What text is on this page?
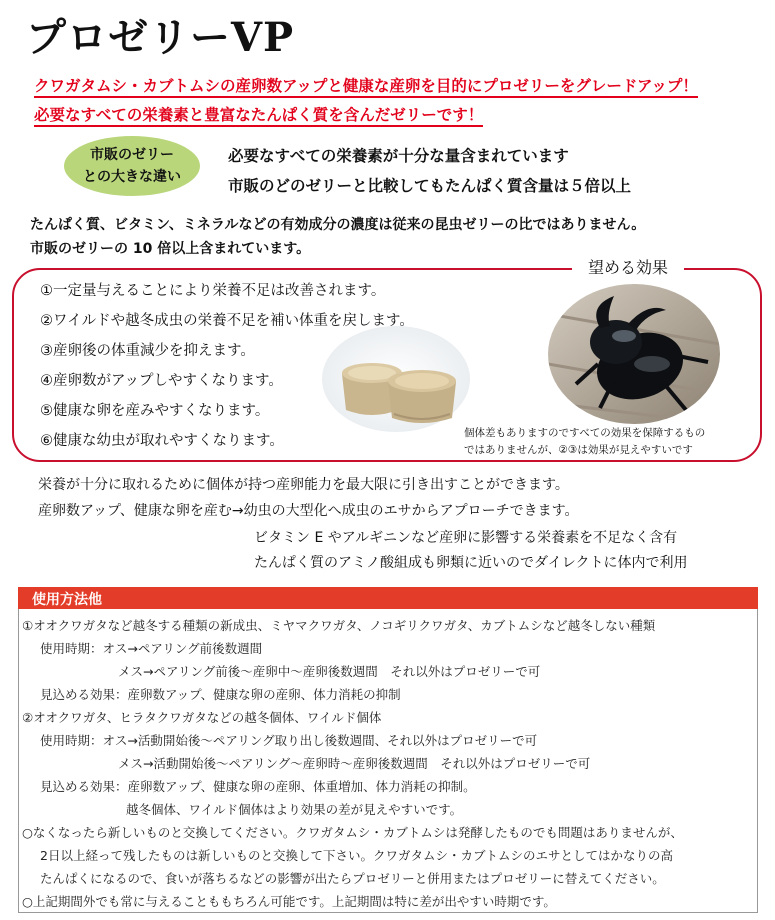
プロゼリーVP
クワガタムシ・カブトムシの産卵数アップと健康な産卵を目的にプロゼリーをグレードアップ！
必要なすべての栄養素と豊富なたんぱく質を含んだゼリーです！
市販のゼリー
との大きな違い
必要なすべての栄養素が十分な量含まれています
市販のどのゼリーと比較してもたんぱく質含量は５倍以上
たんぱく質、ビタミン、ミネラルなどの有効成分の濃度は従来の昆虫ゼリーの比ではありません。
市販のゼリーの 10 倍以上含まれています。
望める効果
①一定量与えることにより栄養不足は改善されます。
②ワイルドや越冬成虫の栄養不足を補い体重を戻します。
③産卵後の体重減少を抑えます。
④産卵数がアップしやすくなります。
⑤健康な卵を産みやすくなります。
⑥健康な幼虫が取れやすくなります。	個体差もありますのですべての効果を保障するもの
ではありませんが、②③は効果が見えやすいです
栄養が十分に取れるために個体が持つ産卵能力を最大限に引き出すことができます。
産卵数アップ、健康な卵を産む→幼虫の大型化へ成虫のエサからアプローチできます。
ビタミン E やアルギニンなど産卵に影響する栄養素を不足なく含有
たんぱく質のアミノ酸組成も卵類に近いのでダイレクトに体内で利用
使用方法他
①オオクワガタなど越冬する種類の新成虫、ミヤマクワガタ、ノコギリクワガタ、カブトムシなど越冬しない種類
使用時期：オス→ペアリング前後数週間
メス→ペアリング前後～産卵中～産卵後数週間　それ以外はプロゼリーで可
見込める効果：産卵数アップ、健康な卵の産卵、体力消耗の抑制
②オオクワガタ、ヒラタクワガタなどの越冬個体、ワイルド個体
使用時期：オス→活動開始後～ペアリング取り出し後数週間、それ以外はプロゼリーで可
メス→活動開始後～ペアリング～産卵時～産卵後数週間　それ以外はプロゼリーで可
見込める効果：産卵数アップ、健康な卵の産卵、体重増加、体力消耗の抑制。
越冬個体、ワイルド個体はより効果の差が見えやすいです。
○なくなったら新しいものと交換してください。クワガタムシ・カブトムシは発酵したものでも問題はありませんが、
2日以上経って残したものは新しいものと交換して下さい。クワガタムシ・カブトムシのエサとしてはかなりの高
たんぱくになるので、食いが落ちるなどの影響が出たらプロゼリーと併用またはプロゼリーに替えてください。
○上記期間外でも常に与えることももちろん可能です。上記期間は特に差が出やすい時期です。
